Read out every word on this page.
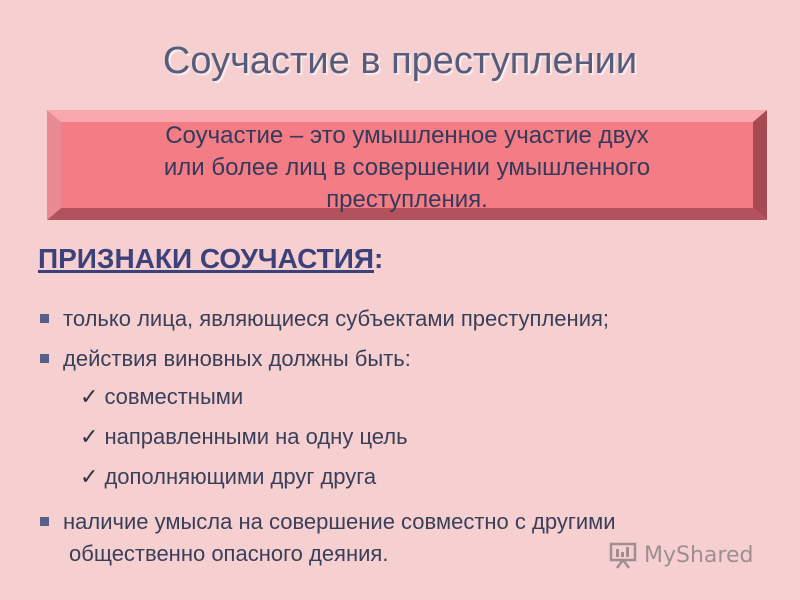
Соучастие в преступлении
Соучастие – это умышленное участие двух
или более лиц в совершении умышленного
преступления.
ПРИЗНАКИ СОУЧАСТИЯ:
только лица, являющиеся субъектами преступления;
действия виновных должны быть:
✓ совместными
✓ направленными на одну цель
✓ дополняющими друг друга
наличие умысла на совершение совместно с другими
общественно опасного деяния.	MyShared
